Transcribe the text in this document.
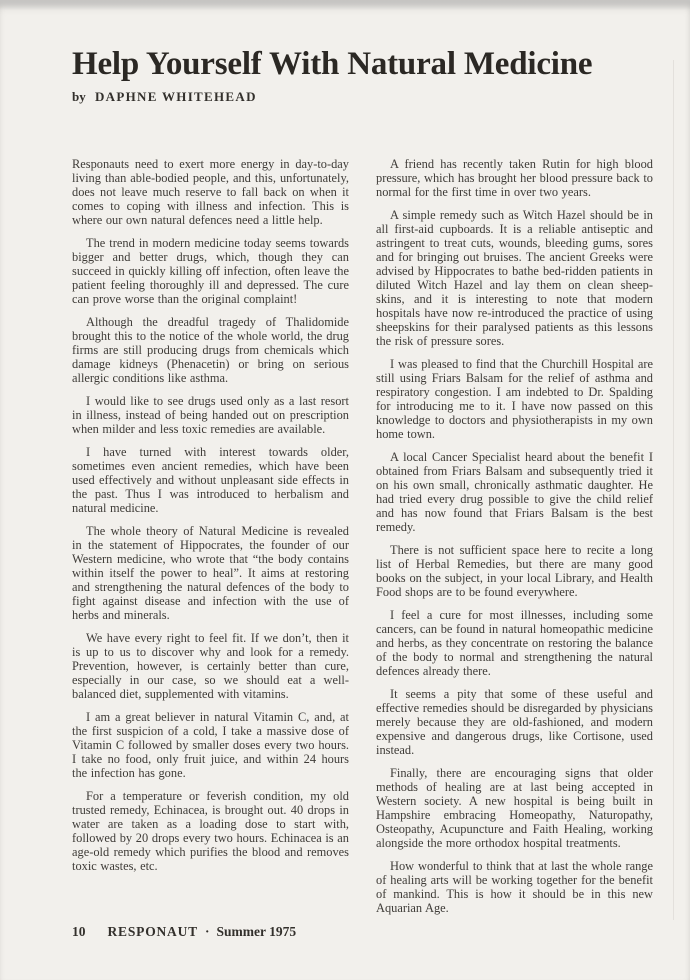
Help Yourself With Natural Medicine
by DAPHNE WHITEHEAD

Responauts need to exert more energy in day-to-day living than able-bodied people, and this, unfortunately, does not leave much reserve to fall back on when it comes to coping with illness and infection. This is where our own natural defences need a little help.

The trend in modern medicine today seems towards bigger and better drugs, which, though they can succeed in quickly killing off infection, often leave the patient feeling thoroughly ill and depressed. The cure can prove worse than the original complaint!

Although the dreadful tragedy of Thalidomide brought this to the notice of the whole world, the drug firms are still producing drugs from chemicals which damage kidneys (Phenacetin) or bring on serious allergic conditions like asthma.

I would like to see drugs used only as a last resort in illness, instead of being handed out on prescription when milder and less toxic remedies are available.

I have turned with interest towards older, sometimes even ancient remedies, which have been used effectively and without unpleasant side effects in the past. Thus I was introduced to herbalism and natural medicine.

The whole theory of Natural Medicine is revealed in the statement of Hippocrates, the founder of our Western medicine, who wrote that “the body contains within itself the power to heal”. It aims at restoring and strengthening the natural defences of the body to fight against disease and infection with the use of herbs and minerals.

We have every right to feel fit. If we don’t, then it is up to us to discover why and look for a remedy. Prevention, however, is certainly better than cure, especially in our case, so we should eat a well-balanced diet, supplemented with vitamins.

I am a great believer in natural Vitamin C, and, at the first suspicion of a cold, I take a massive dose of Vitamin C followed by smaller doses every two hours. I take no food, only fruit juice, and within 24 hours the infection has gone.

For a temperature or feverish condition, my old trusted remedy, Echinacea, is brought out. 40 drops in water are taken as a loading dose to start with, followed by 20 drops every two hours. Echinacea is an age-old remedy which purifies the blood and removes toxic wastes, etc.

A friend has recently taken Rutin for high blood pressure, which has brought her blood pressure back to normal for the first time in over two years.

A simple remedy such as Witch Hazel should be in all first-aid cupboards. It is a reliable antiseptic and astringent to treat cuts, wounds, bleeding gums, sores and for bringing out bruises. The ancient Greeks were advised by Hippocrates to bathe bed-ridden patients in diluted Witch Hazel and lay them on clean sheep-skins, and it is interesting to note that modern hospitals have now re-introduced the practice of using sheepskins for their paralysed patients as this lessons the risk of pressure sores.

I was pleased to find that the Churchill Hospital are still using Friars Balsam for the relief of asthma and respiratory congestion. I am indebted to Dr. Spalding for introducing me to it. I have now passed on this knowledge to doctors and physiotherapists in my own home town.

A local Cancer Specialist heard about the benefit I obtained from Friars Balsam and subsequently tried it on his own small, chronically asthmatic daughter. He had tried every drug possible to give the child relief and has now found that Friars Balsam is the best remedy.

There is not sufficient space here to recite a long list of Herbal Remedies, but there are many good books on the subject, in your local Library, and Health Food shops are to be found everywhere.

I feel a cure for most illnesses, including some cancers, can be found in natural homeopathic medicine and herbs, as they concentrate on restoring the balance of the body to normal and strengthening the natural defences already there.

It seems a pity that some of these useful and effective remedies should be disregarded by physicians merely because they are old-fashioned, and modern expensive and dangerous drugs, like Cortisone, used instead.

Finally, there are encouraging signs that older methods of healing are at last being accepted in Western society. A new hospital is being built in Hampshire embracing Homeopathy, Naturopathy, Osteopathy, Acupuncture and Faith Healing, working alongside the more orthodox hospital treatments.

How wonderful to think that at last the whole range of healing arts will be working together for the benefit of mankind. This is how it should be in this new Aquarian Age.

10 RESPONAUT · Summer 1975
